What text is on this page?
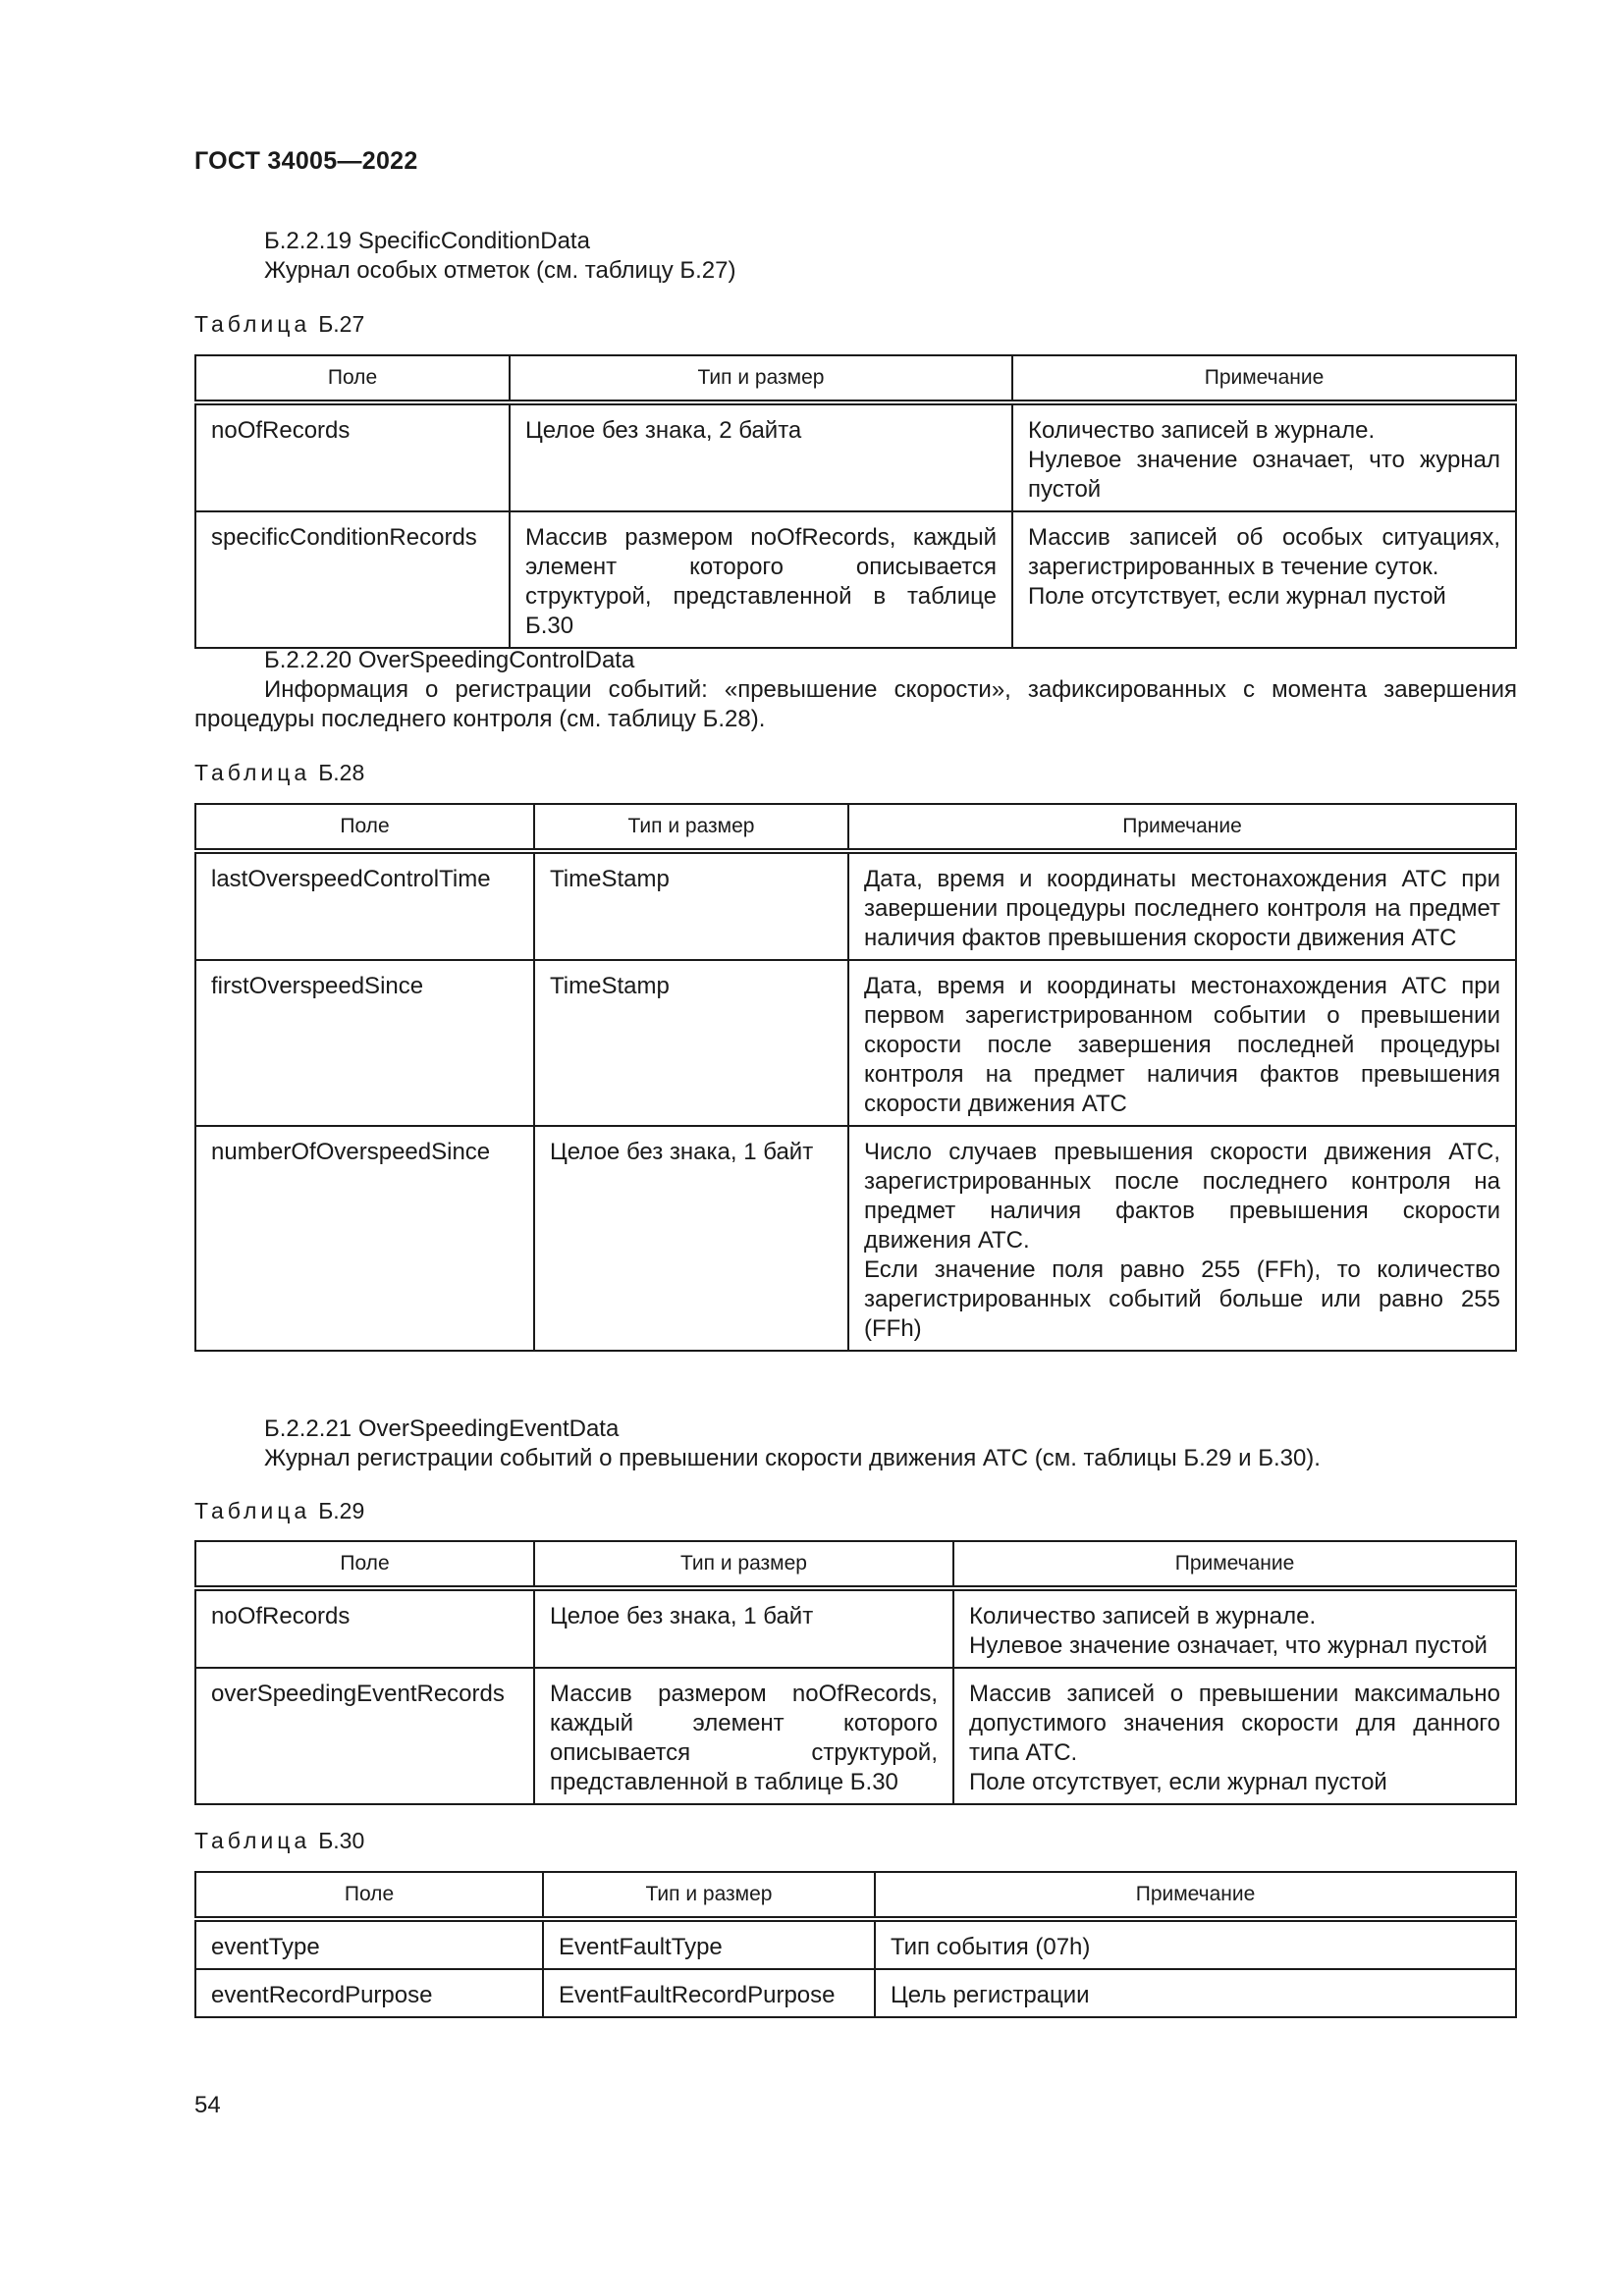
ГОСТ 34005—2022

Б.2.2.19 SpecificConditionData

Журнал особых отметок (см. таблицу Б.27)

Таблица Б.27
Поле	Тип и размер	Примечание
noOfRecords	Целое без знака, 2 байта	Количество записей в журнале.
Нулевое значение означает, что журнал пустой

specificConditionRecords	Массив размером noOfRecords, каждый элемент которого описывается структурой, представленной в таблице Б.30	Массив записей об особых ситуациях, зарегистрированных в течение суток.
Поле отсутствует, если журнал пустой

Б.2.2.20 OverSpeedingControlData

Информация о регистрации событий: «превышение скорости», зафиксированных с момента завершения процедуры последнего контроля (см. таблицу Б.28).

Таблица Б.28
Поле	Тип и размер	Примечание
lastOverspeedControlTime	TimeStamp	Дата, время и координаты местонахождения АТС при завершении процедуры последнего контроля на предмет наличия фактов превышения скорости движения АТС

firstOverspeedSince	TimeStamp	Дата, время и координаты местонахождения АТС при первом зарегистрированном событии о превышении скорости после завершения последней процедуры контроля на предмет наличия фактов превышения скорости движения АТС

numberOfOverspeedSince	Целое без знака, 1 байт	Число случаев превышения скорости движения АТС, зарегистрированных после последнего контроля на предмет наличия фактов превышения скорости движения АТС.
Если значение поля равно 255 (FFh), то количество зарегистрированных событий больше или равно 255 (FFh)

Б.2.2.21 OverSpeedingEventData

Журнал регистрации событий о превышении скорости движения АТС (см. таблицы Б.29 и Б.30).

Таблица Б.29
Поле	Тип и размер	Примечание
noOfRecords	Целое без знака, 1 байт	Количество записей в журнале.
Нулевое значение означает, что журнал пустой

overSpeedingEventRecords	Массив размером noOfRecords, каждый элемент которого описывается структурой, представленной в таблице Б.30	Массив записей о превышении максимально допустимого значения скорости для данного типа АТС.
Поле отсутствует, если журнал пустой
Таблица Б.30
Поле	Тип и размер	Примечание
eventType	EventFaultType	Тип события (07h)

eventRecordPurpose	EventFaultRecordPurpose	Цель регистрации
54
